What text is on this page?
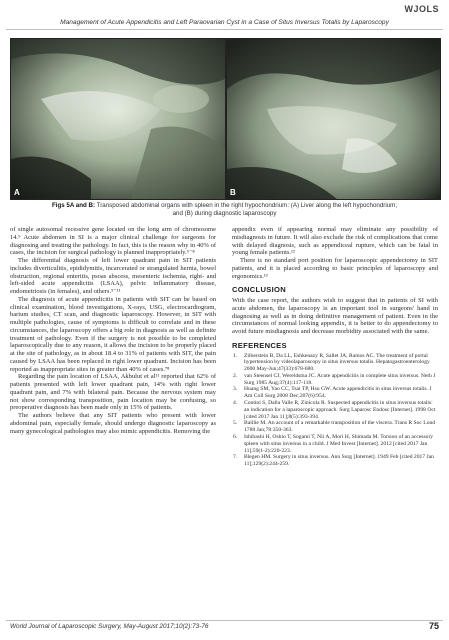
WJOLS
Management of Acute Appendicitis and Left Paraovarian Cyst in a Case of Situs Inversus Totalis by Laparoscopy
A	B
Figs 5A and B: Transposed abdominal organs with spleen in the right hypochondrium: (A) Liver along the left hypochondrium;
and (B) during diagnostic laparoscopy

of single autosomal recessive gene located on the long arm of chromosome 14.⁹ Acute abdomen in SI is a major clinical challenge for surgeons for diagnosing and treating the pathology. In fact, this is the reason why in 40% of cases, the incision for surgical pathology is planned inappropriately.⁵⁻⁸

The differential diagnosis of left lower quadrant pain in SIT patients includes diverticulitis, epididymitis, incarcerated or strangulated hernia, bowel obstruction, regional enteritis, psoas abscess, mesenteric ischemia, right- and left-sided acute appendicitis (LSAA), pelvic inflammatory disease, endometriosis (in females), and others.⁹⁻¹¹

The diagnosis of acute appendicitis in patients with SIT can be based on clinical examination, blood investigations, X-rays, USG, electrocardiogram, barium studies, CT scan, and diagnostic laparoscopy. However, in SIT with multiple pathologies, cause of symptoms is difficult to correlate and in these circumstances, the laparoscopy offers a big role in diagnosis as well as definite treatment of pathology. Even if the surgery is not possible to be completed laparoscopically due to any reason, it allows the incision to be properly placed at the site of pathology, as in about 18.4 to 31% of patients with SIT, the pain caused by LSAA has been replaced in right lower quadrant. Incision has been reported as inappropriate sites in greater than 40% of cases.⁷⁸

Regarding the pain location of LSAA, Akbulut et al¹¹ reported that 62% of patients presented with left lower quadrant pain, 14% with right lower quadrant pain, and 7% with bilateral pain. Because the nervous system may not show corresponding transposition, pain location may be confusing, so preoperative diagnosis has been made only in 15% of patients.

The authors believe that any SIT patients who present with lower abdominal pain, especially female, should undergo diagnostic laparoscopy as many gynecological pathologies may also mimic appendicitis. Removing the

appendix even if appearing normal may eliminate any possibility of misdiagnosis in future. It will also exclude the risk of complications that come with delayed diagnosis, such as appendiceal rupture, which can be fatal in young female patients.¹²

There is no standard port position for laparoscopic appendectomy in SIT patients, and it is placed according to basic principles of laparoscopy and ergonomics.¹³

CONCLUSION

With the case report, the authors wish to suggest that in patients of SI with acute abdomen, the laparoscopy is an important tool in surgeons' hand in diagnosing as well as in doing definitive management of patient. Even in the circumstances of normal looking appendix, it is better to do appendectomy to avoid future misdiagnosis and decrease morbidity associated with the same.

REFERENCES
1. Zilberstein B, Da LL, Eshkenazy R, Sallet JA, Ramos AC. The treatment of portal hypertension by videolaparoscopy in situs inversus totalis. Hepatogastroenterology 2000 May-Jun;47(33):678-680.
2. van Steensel CJ, Wereldsma JC. Acute appendicitis in complete situs inversus. Neth J Surg 1985 Aug;37(4):117-118.
3. Huang SM, Yao CC, Tsai TP, Hsu GW. Acute appendicitis in situs inversus totalis. J Am Coll Surg 2008 Dec;207(6):954.
4. Contini S, Dalla Valle R, Zinicola R. Suspected appendicitis in situs inversus totalis: an indication for a laparoscopic approach. Surg Laparosc Endosc [Internet]. 1998 Oct [cited 2017 Jan 11];8(5):393-394.
5. Baillie M. An account of a remarkable transposition of the viscera. Trans R Soc Lond 1788 Jan;78:350-363.
6. Ishibashi H, Oshio T, Sogami T, Nii A, Mori H, Shimada M. Torsion of an accessory spleen with situs inversus in a child. J Med Invest [Internet]. 2012 [cited 2017 Jan 11];59(1-2):220-223.
7. Blegen HM. Surgery in situs inversus. Ann Surg [Internet]. 1949 Feb [cited 2017 Jan 11];129(2):244-259.
World Journal of Laparoscopic Surgery, May-August 2017;10(2):73-76	75
